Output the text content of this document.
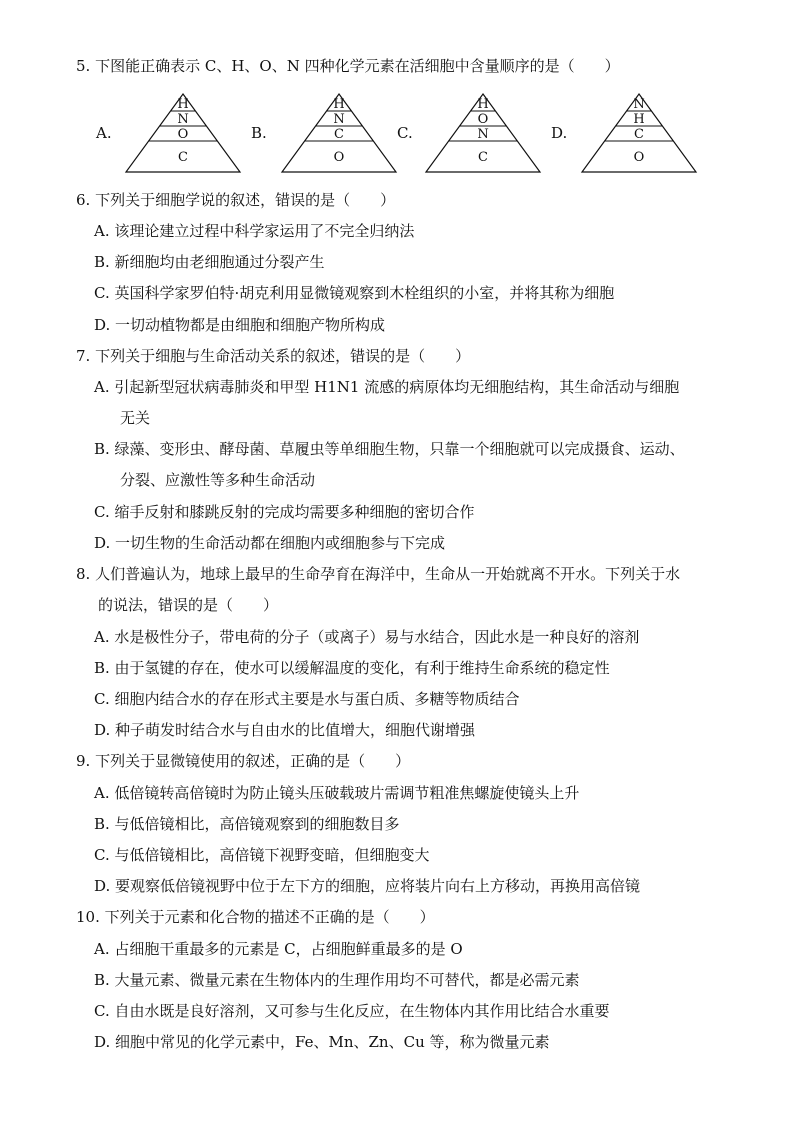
5. 下图能正确表示 C、H、O、N 四种化学元素在活细胞中含量顺序的是（　　）
A.
H
N
O
C
B.
H
N
C
O
C.
H
O
N
C
D.
N
H
C
O
6. 下列关于细胞学说的叙述，错误的是（　　）
A. 该理论建立过程中科学家运用了不完全归纳法
B. 新细胞均由老细胞通过分裂产生
C. 英国科学家罗伯特·胡克利用显微镜观察到木栓组织的小室，并将其称为细胞
D. 一切动植物都是由细胞和细胞产物所构成
7. 下列关于细胞与生命活动关系的叙述，错误的是（　　）
A. 引起新型冠状病毒肺炎和甲型 H1N1 流感的病原体均无细胞结构，其生命活动与细胞
无关
B. 绿藻、变形虫、酵母菌、草履虫等单细胞生物，只靠一个细胞就可以完成摄食、运动、
分裂、应激性等多种生命活动
C. 缩手反射和膝跳反射的完成均需要多种细胞的密切合作
D. 一切生物的生命活动都在细胞内或细胞参与下完成
8. 人们普遍认为，地球上最早的生命孕育在海洋中，生命从一开始就离不开水。下列关于水
的说法，错误的是（　　）
A. 水是极性分子，带电荷的分子（或离子）易与水结合，因此水是一种良好的溶剂
B. 由于氢键的存在，使水可以缓解温度的变化，有利于维持生命系统的稳定性
C. 细胞内结合水的存在形式主要是水与蛋白质、多糖等物质结合
D. 种子萌发时结合水与自由水的比值增大，细胞代谢增强
9. 下列关于显微镜使用的叙述，正确的是（　　）
A. 低倍镜转高倍镜时为防止镜头压破载玻片需调节粗准焦螺旋使镜头上升
B. 与低倍镜相比，高倍镜观察到的细胞数目多
C. 与低倍镜相比，高倍镜下视野变暗，但细胞变大
D. 要观察低倍镜视野中位于左下方的细胞，应将装片向右上方移动，再换用高倍镜
10. 下列关于元素和化合物的描述不正确的是（　　）
A. 占细胞干重最多的元素是 C，占细胞鲜重最多的是 O
B. 大量元素、微量元素在生物体内的生理作用均不可替代，都是必需元素
C. 自由水既是良好溶剂，又可参与生化反应，在生物体内其作用比结合水重要
D. 细胞中常见的化学元素中，Fe、Mn、Zn、Cu 等，称为微量元素
